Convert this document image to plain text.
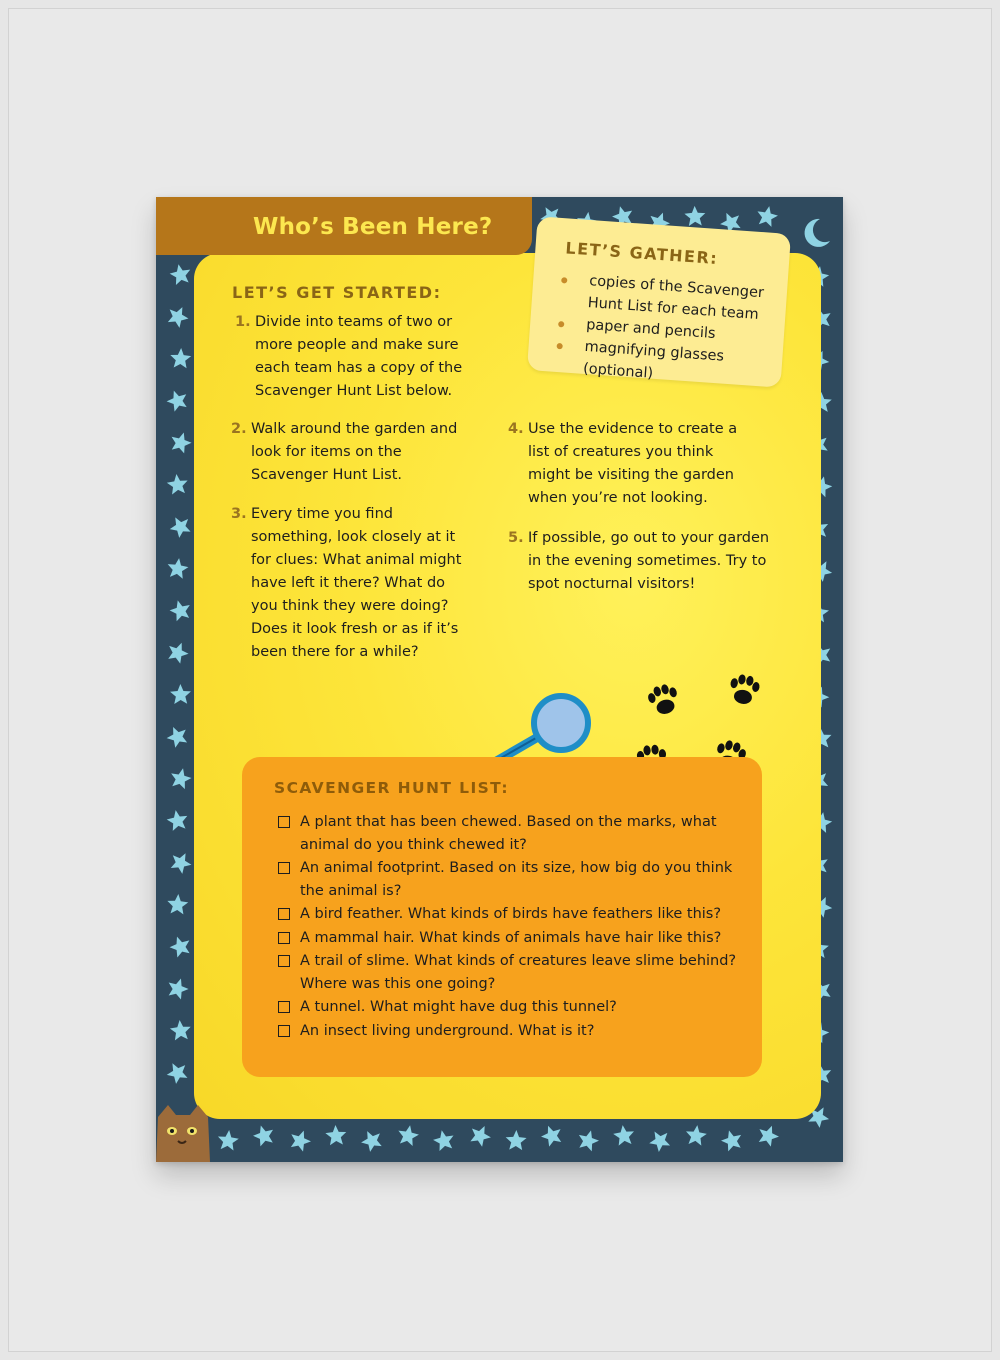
LET’S GET STARTED:
1. Divide into teams of two or more people and make sure each team has a copy of the Scavenger Hunt List below.
2. Walk around the garden and look for items on the Scavenger Hunt List.
3. Every time you find something, look closely at it for clues: What animal might have left it there? What do you think they were doing? Does it look fresh or as if it’s been there for a while?
4. Use the evidence to create a list of creatures you think might be visiting the garden when you’re not looking.
5. If possible, go out to your garden in the evening sometimes. Try to spot nocturnal visitors!
SCAVENGER HUNT LIST:
A plant that has been chewed. Based on the marks, what animal do you think chewed it?
An animal footprint. Based on its size, how big do you think the animal is?
A bird feather. What kinds of birds have feathers like this?
A mammal hair. What kinds of animals have hair like this?
A trail of slime. What kinds of creatures leave slime behind? Where was this one going?
A tunnel. What might have dug this tunnel?
An insect living underground. What is it?
Who’s Been Here?
LET’S GATHER:
copies of the Scavenger Hunt List for each team
paper and pencils
magnifying glasses (optional)
